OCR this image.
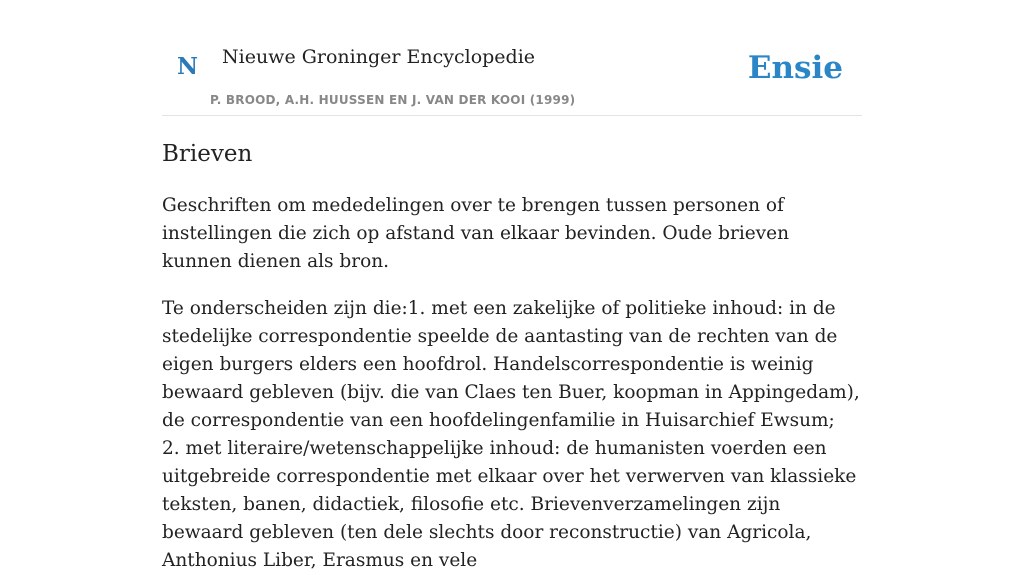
N Nieuwe Groninger Encyclopedie
P. BROOD, A.H. HUUSSEN EN J. VAN DER KOOI (1999)
Ensie
Brieven

Geschriften om mededelingen over te brengen tussen personen of instellingen die zich op afstand van elkaar bevinden. Oude brieven kunnen dienen als bron.

Te onderscheiden zijn die:1. met een zakelijke of politieke inhoud: in de stedelijke correspondentie speelde de aantasting van de rechten van de eigen burgers elders een hoofdrol. Handelscorrespondentie is weinig bewaard gebleven (bijv. die van Claes ten Buer, koopman in Appingedam), de correspondentie van een hoofdelingenfamilie in Huisarchief Ewsum;
2. met literaire/wetenschappelijke inhoud: de humanisten voerden een uitgebreide correspondentie met elkaar over het verwerven van klassieke teksten, banen, didactiek, filosofie etc. Brievenverzamelingen zijn bewaard gebleven (ten dele slechts door reconstructie) van Agricola, Anthonius Liber, Erasmus en vele
